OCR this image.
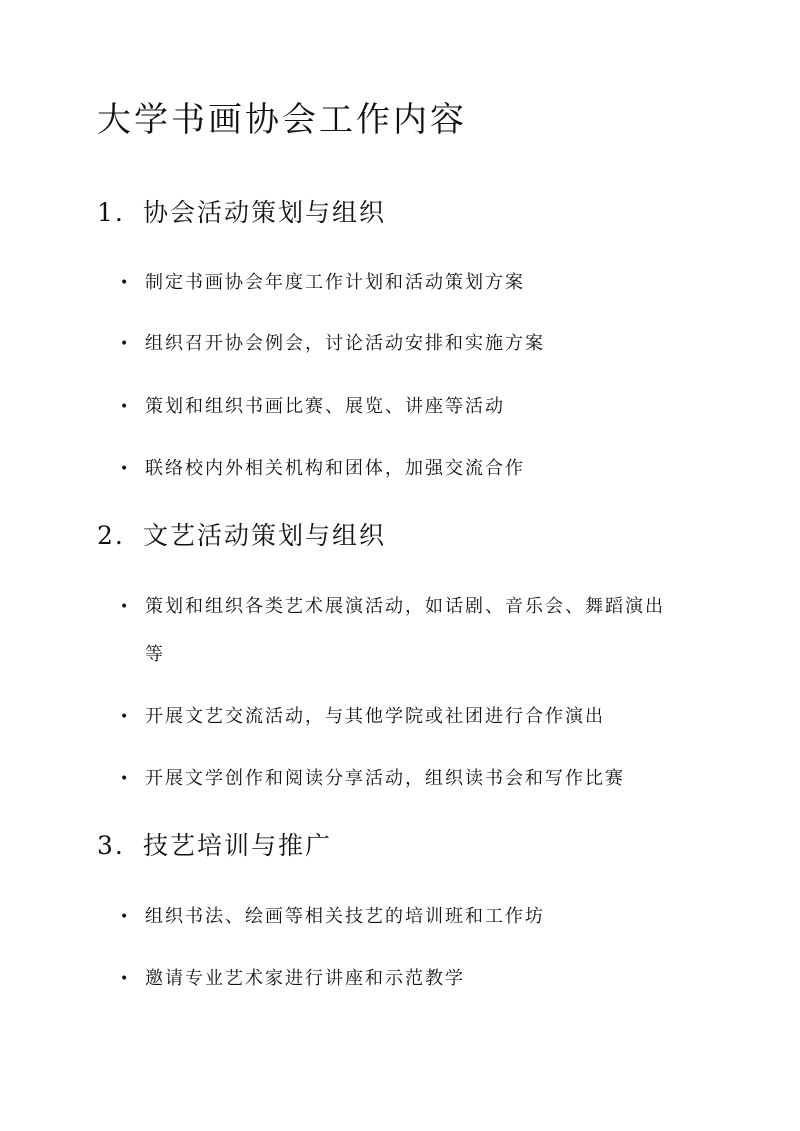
大学书画协会工作内容
1. 协会活动策划与组织
• 制定书画协会年度工作计划和活动策划方案
• 组织召开协会例会，讨论活动安排和实施方案
• 策划和组织书画比赛、展览、讲座等活动
• 联络校内外相关机构和团体，加强交流合作
2. 文艺活动策划与组织
• 策划和组织各类艺术展演活动，如话剧、音乐会、舞蹈演出等
• 开展文艺交流活动，与其他学院或社团进行合作演出
• 开展文学创作和阅读分享活动，组织读书会和写作比赛
3. 技艺培训与推广
• 组织书法、绘画等相关技艺的培训班和工作坊
• 邀请专业艺术家进行讲座和示范教学
